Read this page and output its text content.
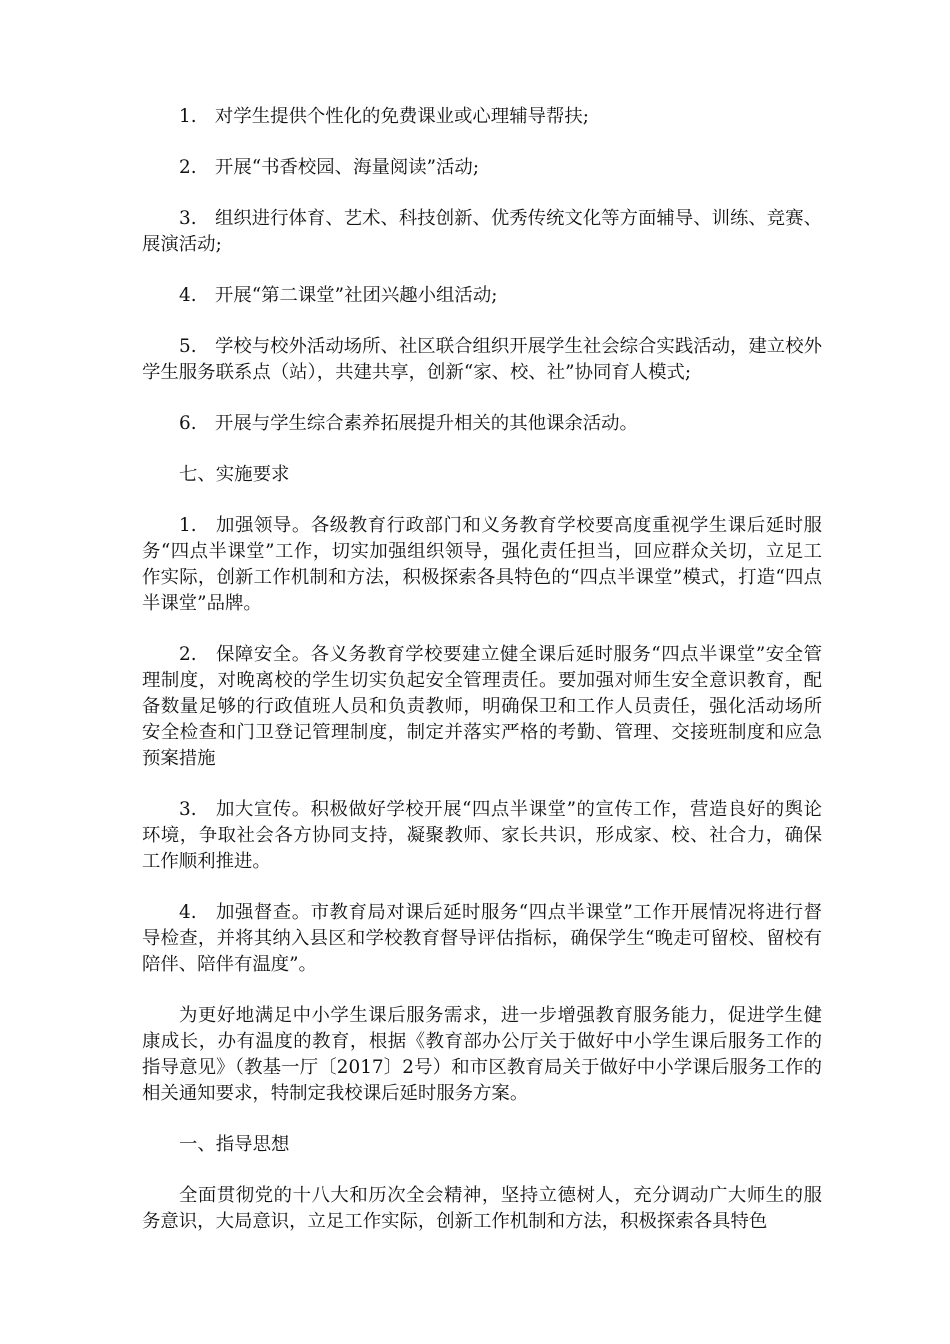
1.　对学生提供个性化的免费课业或心理辅导帮扶;

2.　开展“书香校园、海量阅读”活动;

3.　组织进行体育、艺术、科技创新、优秀传统文化等方面辅导、训练、竞赛、展演活动;

4.　开展“第二课堂”社团兴趣小组活动;

5.　学校与校外活动场所、社区联合组织开展学生社会综合实践活动，建立校外学生服务联系点（站），共建共享，创新“家、校、社”协同育人模式;

6.　开展与学生综合素养拓展提升相关的其他课余活动。

七、实施要求

1.　加强领导。各级教育行政部门和义务教育学校要高度重视学生课后延时服务“四点半课堂”工作，切实加强组织领导，强化责任担当，回应群众关切，立足工作实际，创新工作机制和方法，积极探索各具特色的“四点半课堂”模式，打造“四点半课堂”品牌。

2.　保障安全。各义务教育学校要建立健全课后延时服务“四点半课堂”安全管理制度，对晚离校的学生切实负起安全管理责任。要加强对师生安全意识教育，配备数量足够的行政值班人员和负责教师，明确保卫和工作人员责任，强化活动场所安全检查和门卫登记管理制度，制定并落实严格的考勤、管理、交接班制度和应急预案措施

3.　加大宣传。积极做好学校开展“四点半课堂”的宣传工作，营造良好的舆论环境，争取社会各方协同支持，凝聚教师、家长共识，形成家、校、社合力，确保工作顺利推进。

4.　加强督查。市教育局对课后延时服务“四点半课堂”工作开展情况将进行督导检查，并将其纳入县区和学校教育督导评估指标，确保学生“晚走可留校、留校有陪伴、陪伴有温度”。

为更好地满足中小学生课后服务需求，进一步增强教育服务能力，促进学生健康成长，办有温度的教育，根据《教育部办公厅关于做好中小学生课后服务工作的指导意见》（教基一厅〔2017〕2号）和市区教育局关于做好中小学课后服务工作的相关通知要求，特制定我校课后延时服务方案。

一、指导思想

全面贯彻党的十八大和历次全会精神，坚持立德树人，充分调动广大师生的服务意识，大局意识，立足工作实际，创新工作机制和方法，积极探索各具特色
